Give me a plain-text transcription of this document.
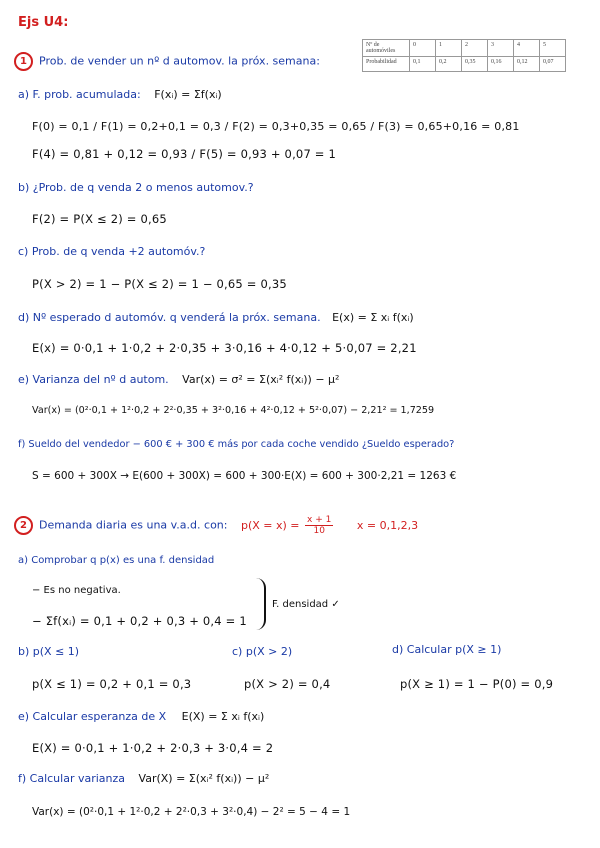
Ejs U4:
1 Prob. de vender un nº d automov. la próx. semana:
Nº de automóviles	0	1	2	3	4	5
Probabilidad	0,1	0,2	0,35	0,16	0,12	0,07
a) F. prob. acumulada: F(xᵢ) = Σf(xᵢ)
F(0) = 0,1 / F(1) = 0,2+0,1 = 0,3 / F(2) = 0,3+0,35 = 0,65 / F(3) = 0,65+0,16 = 0,81
F(4) = 0,81 + 0,12 = 0,93 / F(5) = 0,93 + 0,07 = 1
b) ¿Prob. de q venda 2 o menos automov.?
F(2) = P(X ≤ 2) = 0,65
c) Prob. de q venda +2 automóv.?
P(X > 2) = 1 − P(X ≤ 2) = 1 − 0,65 = 0,35
d) Nº esperado d automóv. q venderá la próx. semana. E(x) = Σ xᵢ f(xᵢ)
E(x) = 0·0,1 + 1·0,2 + 2·0,35 + 3·0,16 + 4·0,12 + 5·0,07 = 2,21
e) Varianza del nº d autom. Var(x) = σ² = Σ(xᵢ² f(xᵢ)) − μ²
Var(x) = (0²·0,1 + 1²·0,2 + 2²·0,35 + 3²·0,16 + 4²·0,12 + 5²·0,07) − 2,21² = 1,7259
f) Sueldo del vendedor − 600 € + 300 € más por cada coche vendido ¿Sueldo esperado?
S = 600 + 300X → E(600 + 300X) = 600 + 300·E(X) = 600 + 300·2,21 = 1263 €
2 Demanda diaria es una v.a.d. con: $p(X = x) = \frac{x + 1}{10}$ x = 0,1,2,3
a) Comprobar q p(x) es una f. densidad
− Es no negativa.
− Σf(xᵢ) = 0,1 + 0,2 + 0,3 + 0,4 = 1
F. densidad ✓
b) p(X ≤ 1)	c) p(X > 2)	d) Calcular p(X ≥ 1)
p(X ≤ 1) = 0,2 + 0,1 = 0,3	p(X > 2) = 0,4	p(X ≥ 1) = 1 − P(0) = 0,9
e) Calcular esperanza de X E(X) = Σ xᵢ f(xᵢ)
E(X) = 0·0,1 + 1·0,2 + 2·0,3 + 3·0,4 = 2
f) Calcular varianza Var(X) = Σ(xᵢ² f(xᵢ)) − μ²
Var(x) = (0²·0,1 + 1²·0,2 + 2²·0,3 + 3²·0,4) − 2² = 5 − 4 = 1
